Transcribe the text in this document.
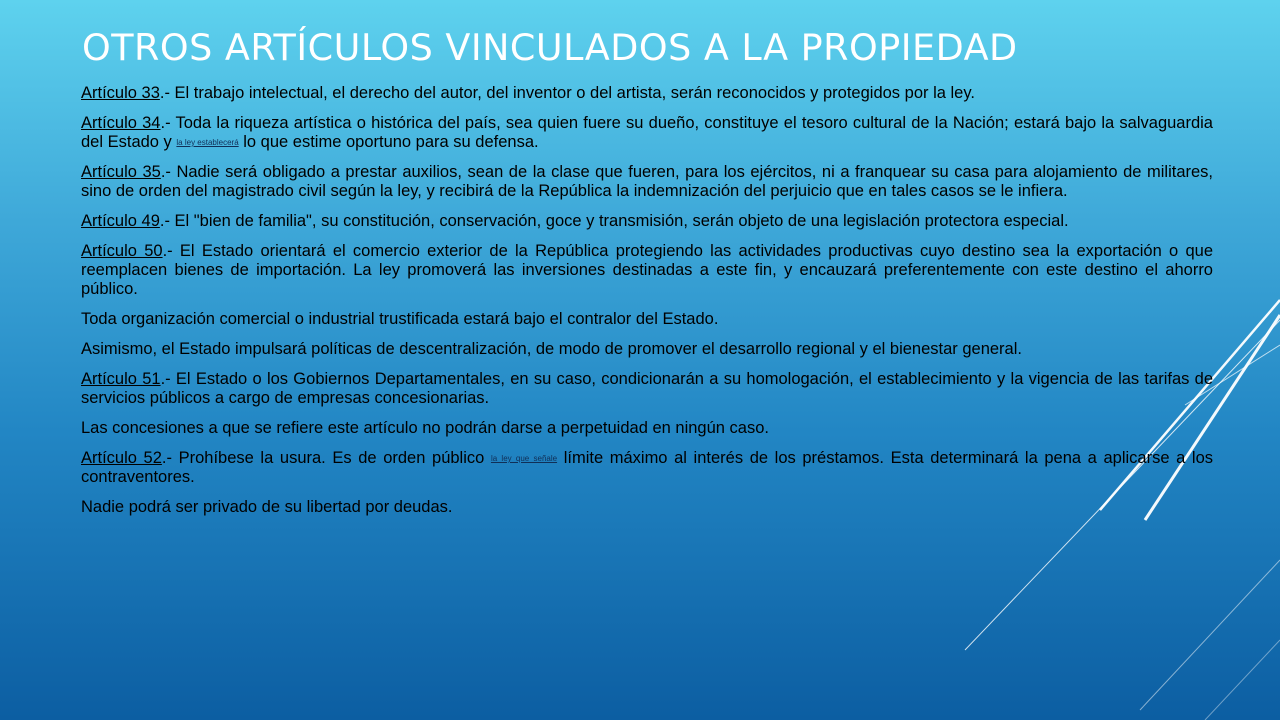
OTROS ARTÍCULOS VINCULADOS A LA PROPIEDAD

Artículo 33.- El trabajo intelectual, el derecho del autor, del inventor o del artista, serán reconocidos y protegidos por la ley.

Artículo 34.- Toda la riqueza artística o histórica del país, sea quien fuere su dueño, constituye el tesoro cultural de la Nación; estará bajo la salvaguardia del Estado y la ley establecerá lo que estime oportuno para su defensa.

Artículo 35.- Nadie será obligado a prestar auxilios, sean de la clase que fueren, para los ejércitos, ni a franquear su casa para alojamiento de militares, sino de orden del magistrado civil según la ley, y recibirá de la República la indemnización del perjuicio que en tales casos se le infiera.

Artículo 49.- El "bien de familia", su constitución, conservación, goce y transmisión, serán objeto de una legislación protectora especial.

Artículo 50.- El Estado orientará el comercio exterior de la República protegiendo las actividades productivas cuyo destino sea la exportación o que reemplacen bienes de importación. La ley promoverá las inversiones destinadas a este fin, y encauzará preferentemente con este destino el ahorro público.

Toda organización comercial o industrial trustificada estará bajo el contralor del Estado.

Asimismo, el Estado impulsará políticas de descentralización, de modo de promover el desarrollo regional y el bienestar general.

Artículo 51.- El Estado o los Gobiernos Departamentales, en su caso, condicionarán a su homologación, el establecimiento y la vigencia de las tarifas de servicios públicos a cargo de empresas concesionarias.

Las concesiones a que se refiere este artículo no podrán darse a perpetuidad en ningún caso.

Artículo 52.- Prohíbese la usura. Es de orden público la ley que señale límite máximo al interés de los préstamos. Esta determinará la pena a aplicarse a los contraventores.

Nadie podrá ser privado de su libertad por deudas.
